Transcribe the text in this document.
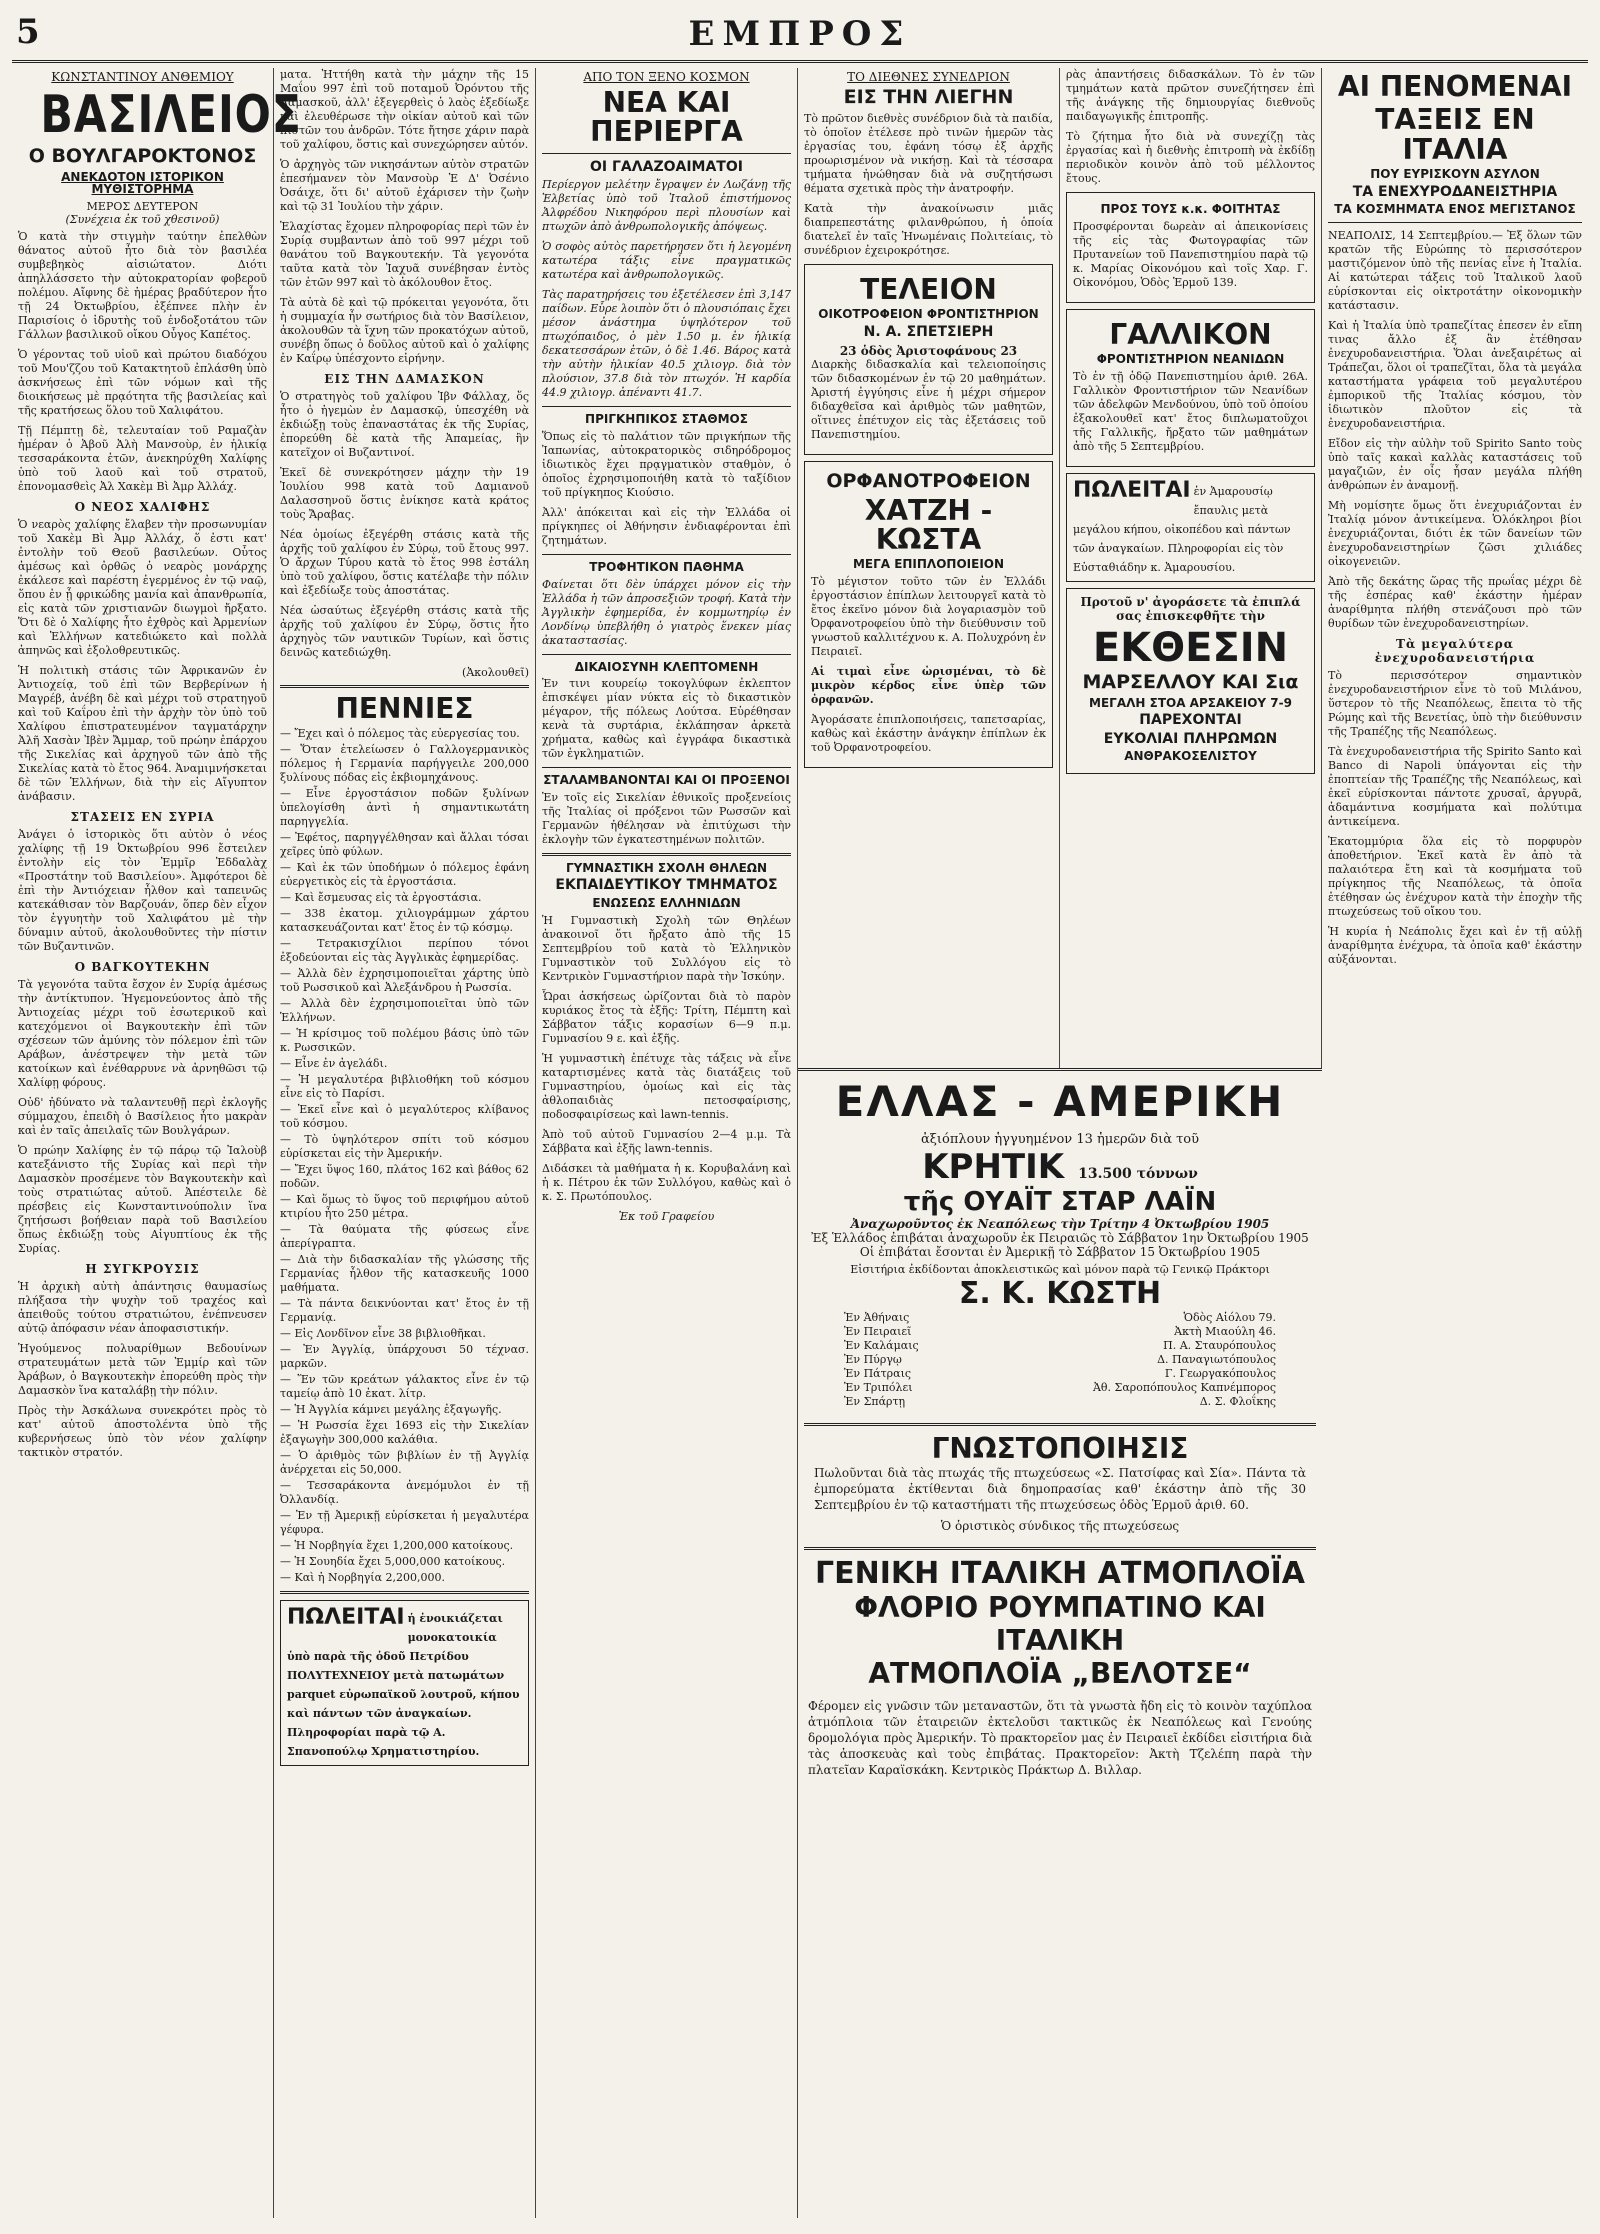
5	ΕΜΠΡΟΣ
ΚΩΝΣΤΑΝΤΙΝΟΥ ΑΝΘΕΜΙΟΥ
ΒΑΣΙΛΕΙΟΣ
Ο ΒΟΥΛΓΑΡΟΚΤΟΝΟΣ
ΑΝΕΚΔΟΤΟΝ ΙΣΤΟΡΙΚΟΝ ΜΥΘΙΣΤΟΡΗΜΑ
ΜΕΡΟΣ ΔΕΥΤΕΡΟΝ
(Συνέχεια ἐκ τοῦ χθεσινοῦ)

Ὁ κατὰ τὴν στιγμὴν ταύτην ἐπελθὼν θάνατος αὐτοῦ ἦτο διὰ τὸν βασιλέα συμβεβηκὸς αἰσιώτατον. Διότι ἀπηλλάσσετο τὴν αὐτοκρατορίαν φοβεροῦ πολέμου. Αἴφνης δὲ ἡμέρας βραδύτερον ἦτο τῇ 24 Ὀκτωβρίου, ἐξέπνεε πλὴν ἐν Παρισίοις ὁ ἱδρυτὴς τοῦ ἐνδοξοτάτου τῶν Γάλλων βασιλικοῦ οἴκου Οὖγος Καπέτος.

Ὁ γέροντας τοῦ υἱοῦ καὶ πρώτου διαδόχου τοῦ Μου'ζζου τοῦ Κατακτητοῦ ἐπλάσθη ὑπὸ ἀσκνήσεως ἐπὶ τῶν νόμων καὶ τῆς διοικήσεως μὲ πρᾳότητα τῆς βασιλείας καὶ τῆς κρατήσεως ὅλου τοῦ Χαλιφάτου.

Τῇ Πέμπτῃ δὲ, τελευταίαν τοῦ Ραμαζὰν ἡμέραν ὁ Ἀβοῦ Ἀλὴ Μανσοὺρ, ἐν ἡλικίᾳ τεσσαράκοντα ἐτῶν, ἀνεκηρύχθη Χαλίφης ὑπὸ τοῦ λαοῦ καὶ τοῦ στρατοῦ, ἐπονομασθεὶς Ἀλ Χακὲμ Βὶ Ἀμρ Ἀλλάχ.

Ο ΝΕΟΣ ΧΑΛΙΦΗΣ

Ὁ νεαρὸς χαλίφης ἔλαβεν τὴν προσωνυμίαν τοῦ Χακὲμ Βὶ Ἀμρ Ἀλλάχ, ὅ ἐστι κατ' ἐντολὴν τοῦ Θεοῦ βασιλεύων. Οὗτος ἀμέσως καὶ ὀρθῶς ὁ νεαρὸς μονάρχης ἐκάλεσε καὶ παρέστη ἐγερμένος ἐν τῷ ναῷ, ὅπου ἐν ᾗ φρικώδης μανία καὶ ἀπανθρωπία, εἰς κατὰ τῶν χριστιανῶν διωγμοὶ ἤρξατο. Ὅτι δὲ ὁ Χαλίφης ἦτο ἐχθρὸς καὶ Ἀρμενίων καὶ Ἑλλήνων κατεδιώκετο καὶ πολλὰ ἀπηνῶς καὶ ἐξολοθρευτικῶς.

Ἡ πολιτικὴ στάσις τῶν Ἀφρικανῶν ἐν Ἀντιοχείᾳ, τοῦ ἐπὶ τῶν Βερβερίνων ἡ Μαγρέβ, ἀνέβη δὲ καὶ μέχρι τοῦ στρατηγοῦ καὶ τοῦ Καΐρου ἐπὶ τὴν ἀρχὴν τὸν ὑπὸ τοῦ Χαλίφου ἐπιστρατευμένον ταγματάρχην Ἀλῆ Χασὰν Ἰβὲν Ἄμμαρ, τοῦ πρώην ἐπάρχου τῆς Σικελίας καὶ ἀρχηγοῦ τῶν ἀπὸ τῆς Σικελίας κατὰ τὸ ἔτος 964. Ἀναμιμνήσκεται δὲ τῶν Ἑλλήνων, διὰ τὴν εἰς Αἴγυπτον ἀνάβασιν.

ΣΤΑΣΕΙΣ ΕΝ ΣΥΡΙΑ

Ἀνάγει ὁ ἱστορικὸς ὅτι αὐτὸν ὁ νέος χαλίφης τῇ 19 Ὀκτωβρίου 996 ἔστειλεν ἐντολὴν εἰς τὸν Ἐμμῖρ Ἐδδαλὰχ «Προστάτην τοῦ Βασιλείου». Ἀμφότεροι δὲ ἐπὶ τὴν Ἀντιόχειαν ἦλθον καὶ ταπεινῶς κατεκάθισαν τὸν Βαρζουάν, ὅπερ δὲν εἶχον τὸν ἐγγυητὴν τοῦ Χαλιφάτου μὲ τὴν δύναμιν αὐτοῦ, ἀκολουθοῦντες τὴν πίστιν τῶν Βυζαντινῶν.

Ο ΒΑΓΚΟΥΤΕΚΗΝ

Τὰ γεγονότα ταῦτα ἔσχον ἐν Συρίᾳ ἀμέσως τὴν ἀντίκτυπον. Ἡγεμονεύοντος ἀπὸ τῆς Ἀντιοχείας μέχρι τοῦ ἐσωτερικοῦ καὶ κατεχόμενοι οἱ Βαγκουτεκὴν ἐπὶ τῶν σχέσεων τῶν ἀμύνης τὸν πόλεμον ἐπὶ τῶν Αράβων, ἀνέστρεψεν τὴν μετὰ τῶν κατοίκων καὶ ἐνέθαρρυνε νὰ ἀρνηθῶσι τῷ Χαλίφῃ φόρους.

Οὐδ' ἠδύνατο νὰ ταλαντευθῇ περὶ ἐκλογῆς σύμμαχου, ἐπειδὴ ὁ Βασίλειος ἦτο μακρὰν καὶ ἐν ταῖς ἀπειλαῖς τῶν Βουλγάρων.

Ὁ πρώην Χαλίφης ἐν τῷ πάρῳ τῷ Ἰαλοὺβ κατεξάνιστο τῆς Συρίας καὶ περὶ τὴν Δαμασκὸν προσέμενε τὸν Βαγκουτεκὴν καὶ τοὺς στρατιώτας αὐτοῦ. Ἀπέστειλε δὲ πρέσβεις εἰς Κωνσταντινούπολιν ἵνα ζητήσωσι βοήθειαν παρὰ τοῦ Βασιλείου ὅπως ἐκδιώξῃ τοὺς Αἰγυπτίους ἐκ τῆς Συρίας.

Η ΣΥΓΚΡΟΥΣΙΣ

Ἡ ἀρχικὴ αὐτὴ ἀπάντησις θαυμασίως πλήξασα τὴν ψυχὴν τοῦ τραχέος καὶ ἀπειθοῦς τούτου στρατιώτου, ἐνέπνευσεν αὐτῷ ἀπόφασιν νέαν ἀποφασιστικήν.

Ἡγούμενος πολυαρίθμων Βεδουίνων στρατευμάτων μετὰ τῶν Ἐμμίρ καὶ τῶν Ἀράβων, ὁ Βαγκουτεκὴν ἐπορεύθη πρὸς τὴν Δαμασκὸν ἵνα καταλάβῃ τὴν πόλιν.

Πρὸς τὴν Ἀσκάλωνα συνεκρότει πρὸς τὸ κατ' αὐτοῦ ἀποστολέντα ὑπὸ τῆς κυβερνήσεως ὑπὸ τὸν νέον χαλίφην τακτικὸν στρατόν.

ματα. Ἠττήθη κατὰ τὴν μάχην τῆς 15 Μαΐου 997 ἐπὶ τοῦ ποταμοῦ Ὀρόντου τῆς Δαμασκοῦ, ἀλλ' ἐξεγερθεὶς ὁ λαὸς ἐξεδίωξε καὶ ἐλευθέρωσε τὴν οἰκίαν αὐτοῦ καὶ τῶν πιστῶν του ἀνδρῶν. Τότε ἤτησε χάριν παρὰ τοῦ χαλίφου, ὅστις καὶ συνεχώρησεν αὐτόν.

Ὁ ἀρχηγὸς τῶν νικησάντων αὐτὸν στρατῶν ἐπεσήμανεν τὸν Μανσοὺρ Ἐ Δ' Ὀσένιο Ὀσάιχε, ὅτι δι' αὐτοῦ ἐχάρισεν τὴν ζωὴν καὶ τῷ 31 Ἰουλίου τὴν χάριν.

Ἐλαχίστας ἔχομεν πληροφορίας περὶ τῶν ἐν Συρίᾳ συμβαντων ἀπὸ τοῦ 997 μέχρι τοῦ θανάτου τοῦ Βαγκουτεκήν. Τὰ γεγονότα ταῦτα κατὰ τὸν Ἰαχυᾶ συνέβησαν ἐντὸς τῶν ἐτῶν 997 καὶ τὸ ἀκόλουθον ἔτος.

Τὰ αὐτὰ δὲ καὶ τῷ πρόκειται γεγονότα, ὅτι ἡ συμμαχία ἦν σωτήριος διὰ τὸν Βασίλειον, ἀκολουθῶν τὰ ἴχνη τῶν προκατόχων αὐτοῦ, συνέβη ὅπως ὁ δοῦλος αὐτοῦ καὶ ὁ χαλίφης ἐν Καΐρῳ ὑπέσχοντο εἰρήνην.

ΕΙΣ ΤΗΝ ΔΑΜΑΣΚΟΝ

Ὁ στρατηγὸς τοῦ χαλίφου Ἰβν Φάλλαχ, ὅς ἦτο ὁ ἡγεμὼν ἐν Δαμασκῷ, ὑπεσχέθη νὰ ἐκδιώξῃ τοὺς ἐπαναστάτας ἐκ τῆς Συρίας, ἐπορεύθη δὲ κατὰ τῆς Ἀπαμείας, ἣν κατεῖχον οἱ Βυζαντινοί.

Ἐκεῖ δὲ συνεκρότησεν μάχην τὴν 19 Ἰουλίου 998 κατὰ τοῦ Δαμιανοῦ Δαλασσηνοῦ ὅστις ἐνίκησε κατὰ κράτος τοὺς Ἄραβας.

Νέα ὁμοίως ἐξεγέρθη στάσις κατὰ τῆς ἀρχῆς τοῦ χαλίφου ἐν Σύρῳ, τοῦ ἔτους 997. Ὁ ἄρχων Τύρου κατὰ τὸ ἔτος 998 ἐστάλη ὑπὸ τοῦ χαλίφου, ὅστις κατέλαβε τὴν πόλιν καὶ ἐξεδίωξε τοὺς ἀποστάτας.

Νέα ὡσαύτως ἐξεγέρθη στάσις κατὰ τῆς ἀρχῆς τοῦ χαλίφου ἐν Σύρῳ, ὅστις ἦτο ἀρχηγὸς τῶν ναυτικῶν Τυρίων, καὶ ὅστις δεινῶς κατεδιώχθη.

(Ἀκολουθεῖ)
ΠΕΝΝΙΕΣ

— Ἔχει καὶ ὁ πόλεμος τὰς εὐεργεσίας του.

— Ὅταν ἐτελείωσεν ὁ Γαλλογερμανικὸς πόλεμος ἡ Γερμανία παρήγγειλε 200,000 ξυλίνους πόδας εἰς ἐκβιομηχάνους.

— Εἶνε ἐργοστάσιον ποδῶν ξυλίνων ὑπελογίσθη ἀντὶ ἡ σημαντικωτάτη παρηγγελία.

— Ἐφέτος, παρηγγέλθησαν καὶ ἄλλαι τόσαι χεῖρες ὑπὸ φύλων.

— Καὶ ἐκ τῶν ὑποδήμων ὁ πόλεμος ἐφάνη εὐεργετικὸς εἰς τὰ ἐργοστάσια.

— Καὶ ἔσμευσας εἰς τὰ ἐργοστάσια.

— 338 ἐκατομ. χιλιογράμμων χάρτου κατασκευάζονται κατ' ἔτος ἐν τῷ κόσμῳ.

— Τετρακισχίλιοι περίπου τόνοι ἐξοδεύονται εἰς τὰς Ἀγγλικὰς ἐφημερίδας.

— Ἀλλὰ δὲν ἐχρησιμοποιεῖται χάρτης ὑπὸ τοῦ Ρωσσικοῦ καὶ Ἀλεξάνδρου ἡ Ρωσσία.

— Ἀλλὰ δὲν ἐχρησιμοποιεῖται ὑπὸ τῶν Ἑλλήνων.

— Ἡ κρίσιμος τοῦ πολέμου βάσις ὑπὸ τῶν κ. Ρωσσικῶν.

— Εἶνε ἐν ἀγελάδι.

— Ἡ μεγαλυτέρα βιβλιοθήκη τοῦ κόσμου εἶνε εἰς τὸ Παρίσι.

— Ἐκεῖ εἶνε καὶ ὁ μεγαλύτερος κλίβανος τοῦ κόσμου.

— Τὸ ὑψηλότερον σπίτι τοῦ κόσμου εὑρίσκεται εἰς τὴν Ἀμερικήν.

— Ἔχει ὕψος 160, πλάτος 162 καὶ βάθος 62 ποδῶν.

— Καὶ ὅμως τὸ ὕψος τοῦ περιφήμου αὐτοῦ κτιρίου ἦτο 250 μέτρα.

— Τὰ θαύματα τῆς φύσεως εἶνε ἀπερίγραπτα.

— Διὰ τὴν διδασκαλίαν τῆς γλώσσης τῆς Γερμανίας ἦλθον τῆς κατασκευῆς 1000 μαθήματα.

— Τὰ πάντα δεικνύονται κατ' ἔτος ἐν τῇ Γερμανίᾳ.

— Εἰς Λονδῖνον εἶνε 38 βιβλιοθῆκαι.

— Ἐν Ἀγγλίᾳ, ὑπάρχουσι 50 τέχνασ. μαρκῶν.

— Ἕν τῶν κρεάτων γάλακτος εἶνε ἐν τῷ ταμείῳ ἀπὸ 10 ἐκατ. λίτρ.

— Ἡ Ἀγγλία κάμνει μεγάλης ἐξαγωγῆς.

— Ἡ Ρωσσία ἔχει 1693 εἰς τὴν Σικελίαν ἐξαγωγὴν 300,000 καλάθια.

— Ὁ ἀριθμὸς τῶν βιβλίων ἐν τῇ Ἀγγλίᾳ ἀνέρχεται εἰς 50,000.

— Τεσσαράκοντα ἀνεμόμυλοι ἐν τῇ Ὀλλανδίᾳ.

— Ἐν τῇ Ἀμερικῇ εὑρίσκεται ἡ μεγαλυτέρα γέφυρα.

— Ἡ Νορβηγία ἔχει 1,200,000 κατοίκους.

— Ἡ Σουηδία ἔχει 5,000,000 κατοίκους.

— Καὶ ἡ Νορβηγία 2,200,000.

ΠΩΛΕΙΤΑΙ ἡ ἐνοικιάζεται μονοκατοικία ὑπὸ παρὰ τῆς ὁδοῦ Πετρίδου ΠΟΛΥΤΕΧΝΕΙΟΥ μετὰ πατωμάτων parquet εὐρωπαϊκοῦ λουτροῦ, κήπου καὶ πάντων τῶν ἀναγκαίων. Πληροφορίαι παρὰ τῷ Α. Σπανοπούλῳ Χρηματιστηρίου.
ΑΠΟ ΤΟΝ ΞΕΝΟ ΚΟΣΜΟΝ
ΝΕΑ ΚΑΙ ΠΕΡΙΕΡΓΑ
ΟΙ ΓΑΛΑΖΟΑΙΜΑΤΟΙ

Περίεργον μελέτην ἔγραψεν ἐν Λωζάνῃ τῆς Ἑλβετίας ὑπὸ τοῦ Ἰταλοῦ ἐπιστήμονος Ἀλφρέδου Νικηφόρου περὶ πλουσίων καὶ πτωχῶν ἀπὸ ἀνθρωπολογικῆς ἀπόψεως.

Ὁ σοφὸς αὐτὸς παρετήρησεν ὅτι ἡ λεγομένη κατωτέρα τάξις εἶνε πραγματικῶς κατωτέρα καὶ ἀνθρωπολογικῶς.

Τὰς παρατηρήσεις του ἐξετέλεσεν ἐπὶ 3,147 παίδων. Εὗρε λοιπὸν ὅτι ὁ πλουσιόπαις ἔχει μέσον ἀνάστημα ὑψηλότερον τοῦ πτωχόπαιδος, ὁ μὲν 1.50 μ. ἐν ἡλικίᾳ δεκατεσσάρων ἐτῶν, ὁ δὲ 1.46. Βάρος κατὰ τὴν αὐτὴν ἡλικίαν 40.5 χιλιογρ. διὰ τὸν πλούσιον, 37.8 διὰ τὸν πτωχόν. Ἡ καρδία 44.9 χιλιογρ. ἀπέναντι 41.7.

ΠΡΙΓΚΗΠΙΚΟΣ ΣΤΑΘΜΟΣ

Ὅπως εἰς τὸ παλάτιον τῶν πριγκήπων τῆς Ἰαπωνίας, αὐτοκρατορικὸς σιδηρόδρομος ἰδιωτικὸς ἔχει πρᾳγματικὸν σταθμὸν, ὁ ὁποῖος ἐχρησιμοποιήθη κατὰ τὸ ταξίδιον τοῦ πρίγκηπος Κιούσιο.

Ἀλλ' ἀπόκειται καὶ εἰς τὴν Ἑλλάδα οἱ πρίγκηπες οἱ Ἀθήνησιν ἐνδιαφέρονται ἐπὶ ζητημάτων.

ΤΡΟΦΗΤΙΚΟΝ ΠΑΘΗΜΑ

Φαίνεται ὅτι δὲν ὑπάρχει μόνον εἰς τὴν Ἑλλάδα ἡ τῶν ἀπροσεξιῶν τροφή. Κατὰ τὴν Ἀγγλικὴν ἐφημερίδα, ἐν κομμωτηρίῳ ἐν Λονδίνῳ ὑπεβλήθη ὁ γιατρὸς ἕνεκεν μίας ἀκαταστασίας.

ΔΙΚΑΙΟΣΥΝΗ ΚΛΕΠΤΟΜΕΝΗ

Ἐν τινι κουρείῳ τοκογλύφων ἐκλεπτον ἐπισκέψει μίαν νύκτα εἰς τὸ δικαστικὸν μέγαρον, τῆς πόλεως Λούτσα. Εὑρέθησαν κενὰ τὰ συρτάρια, ἐκλάπησαν ἀρκετὰ χρήματα, καθὼς καὶ ἐγγράφα δικαστικὰ τῶν ἐγκληματιῶν.

ΣΤΑΛΑΜΒΑΝΟΝΤΑΙ ΚΑΙ ΟΙ ΠΡΟΞΕΝΟΙ

Ἐν τοῖς εἰς Σικελίαν ἐθνικοῖς προξενείοις τῆς Ἰταλίας οἱ πρόξενοι τῶν Ρωσσῶν καὶ Γερμανῶν ἠθέλησαν νὰ ἐπιτύχωσι τὴν ἐκλογὴν τῶν ἐγκατεστημένων πολιτῶν.

ΓΥΜΝΑΣΤΙΚΗ ΣΧΟΛΗ ΘΗΛΕΩΝ
ΕΚΠΑΙΔΕΥΤΙΚΟΥ ΤΜΗΜΑΤΟΣ
ΕΝΩΣΕΩΣ ΕΛΛΗΝΙΔΩΝ

Ἡ Γυμναστικὴ Σχολὴ τῶν Θηλέων ἀνακοινοῖ ὅτι ἤρξατο ἀπὸ τῆς 15 Σεπτεμβρίου τοῦ κατὰ τὸ Ἑλληνικὸν Γυμναστικὸν τοῦ Συλλόγου εἰς τὸ Κεντρικὸν Γυμναστήριον παρὰ τὴν Ἰσκύην.

Ὧραι ἀσκήσεως ὡρίζονται διὰ τὸ παρὸν κυριάκος ἔτος τὰ ἑξῆς: Τρίτη, Πέμπτη καὶ Σάββατον τάξις κορασίων 6—9 π.μ. Γυμνασίου 9 ε. καὶ ἑξῆς.

Ἡ γυμναστικὴ ἐπέτυχε τὰς τάξεις νὰ εἶνε καταρτισμένες κατὰ τὰς διατάξεις τοῦ Γυμναστηρίου, ὁμοίως καὶ εἰς τὰς ἀθλοπαιδιὰς πετοσφαίρισης, ποδοσφαιρίσεως καὶ lawn-tennis.

Ἀπὸ τοῦ αὐτοῦ Γυμνασίου 2—4 μ.μ. Τὰ Σάββατα καὶ ἑξῆς lawn-tennis.

Διδάσκει τὰ μαθήματα ἡ κ. Κορυβαλάνη καὶ ἡ κ. Πέτρου ἐκ τῶν Συλλόγου, καθὼς καὶ ὁ κ. Σ. Πρωτόπουλος.

Ἐκ τοῦ Γραφείου
ΤΟ ΔΙΕΘΝΕΣ ΣΥΝΕΔΡΙΟΝ
ΕΙΣ ΤΗΝ ΛΙΕΓΗΝ

Τὸ πρῶτον διεθνὲς συνέδριον διὰ τὰ παιδία, τὸ ὁποῖον ἐτέλεσε πρὸ τινῶν ἡμερῶν τὰς ἐργασίας του, ἐφάνη τόσῳ ἐξ ἀρχῆς προωρισμένον νὰ νικήσῃ. Καὶ τὰ τέσσαρα τμήματα ἠνώθησαν διὰ νὰ συζητήσωσι θέματα σχετικὰ πρὸς τὴν ἀνατροφήν.

Κατὰ τὴν ἀνακοίνωσιν μιᾶς διαπρεπεστάτης φιλανθρώπου, ἡ ὁποία διατελεῖ ἐν ταῖς Ἠνωμέναις Πολιτείαις, τὸ συνέδριον ἐχειροκρότησε.

ΤΕΛΕΙΟΝ
ΟΙΚΟΤΡΟΦΕΙΟΝ ΦΡΟΝΤΙΣΤΗΡΙΟΝ
Ν. Α. ΣΠΕΤΣΙΕΡΗ
23 ὁδὸς Ἀριστοφάνους 23

Διαρκὴς διδασκαλία καὶ τελειοποίησις τῶν διδασκομένων ἐν τῷ 20 μαθημάτων. Ἀριστή ἐγγύησις εἶνε ἡ μέχρι σήμερον διδαχθεῖσα καὶ ἀριθμὸς τῶν μαθητῶν, οἵτινες ἐπέτυχον εἰς τὰς ἐξετάσεις τοῦ Πανεπιστημίου.

ΟΡΦΑΝΟΤΡΟΦΕΙΟΝ
ΧΑΤΖΗ - ΚΩΣΤΑ
ΜΕΓΑ ΕΠΙΠΛΟΠΟΙΕΙΟΝ

Τὸ μέγιστον τοῦτο τῶν ἐν Ἑλλάδι ἐργοστάσιον ἐπίπλων λειτουργεῖ κατὰ τὸ ἔτος ἐκεῖνο μόνον διὰ λογαριασμὸν τοῦ Ὀρφανοτροφείου ὑπὸ τὴν διεύθυνσιν τοῦ γνωστοῦ καλλιτέχνου κ. Α. Πολυχρόνη ἐν Πειραιεῖ.

Αἱ τιμαὶ εἶνε ὡρισμέναι, τὸ δὲ μικρὸν κέρδος εἶνε ὑπὲρ τῶν ὀρφανῶν.

Ἀγοράσατε ἐπιπλοποιήσεις, ταπετσαρίας, καθὼς καὶ ἐκάστην ἀνάγκην ἐπίπλων ἐκ τοῦ Ὀρφανοτροφείου.

ρὰς ἀπαντήσεις διδασκάλων. Τὸ ἐν τῶν τμημάτων κατὰ πρῶτον συνεζήτησεν ἐπὶ τῆς ἀνάγκης τῆς δημιουργίας διεθνοῦς παιδαγωγικῆς ἐπιτροπῆς.

Τὸ ζήτημα ἦτο διὰ νὰ συνεχίζῃ τὰς ἐργασίας καὶ ἡ διεθνὴς ἐπιτροπὴ νὰ ἐκδίδῃ περιοδικὸν κοινὸν ἀπὸ τοῦ μέλλοντος ἔτους.

ΠΡΟΣ ΤΟΥΣ κ.κ. ΦΟΙΤΗΤΑΣ

Προσφέρονται δωρεὰν αἱ ἀπεικονίσεις τῆς εἰς τὰς Φωτογραφίας τῶν Πρυτανείων τοῦ Πανεπιστημίου παρὰ τῷ κ. Μαρίας Οἰκονόμου καὶ τοῖς Χαρ. Γ. Οἰκονόμου, Ὁδὸς Ἑρμοῦ 139.

ΓΑΛΛΙΚΟΝ
ΦΡΟΝΤΙΣΤΗΡΙΟΝ ΝΕΑΝΙΔΩΝ

Τὸ ἐν τῇ ὁδῷ Πανεπιστημίου ἀριθ. 26Α. Γαλλικὸν Φροντιστήριον τῶν Νεανίδων τῶν ἀδελφῶν Μενδούνου, ὑπὸ τοῦ ὁποίου ἐξακολουθεῖ κατ' ἔτος διπλωματοῦχοι τῆς Γαλλικῆς, ἤρξατο τῶν μαθημάτων ἀπὸ τῆς 5 Σεπτεμβρίου.

ΠΩΛΕΙΤΑΙ ἐν Ἀμαρουσίῳ ἔπαυλις μετὰ μεγάλου κήπου, οἰκοπέδου καὶ πάντων τῶν ἀναγκαίων. Πληροφορίαι εἰς τὸν Εὐσταθιάδην κ. Ἀμαρουσίου.
Προτοῦ ν' ἀγοράσετε τὰ ἐπιπλά σας ἐπισκεφθῆτε τὴν
ΕΚΘΕΣΙΝ
ΜΑΡΣΕΛΛΟΥ ΚΑΙ Σια
ΜΕΓΑΛΗ ΣΤΟΑ ΑΡΣΑΚΕΙΟΥ 7-9
ΠΑΡΕΧΟΝΤΑΙ
ΕΥΚΟΛΙΑΙ ΠΛΗΡΩΜΩΝ
ΑΝΘΡΑΚΟΣΕΛΙΣΤΟΥ
ΕΛΛΑΣ - ΑΜΕΡΙΚΗ
ἀξιόπλουν ἡγγυημένον 13 ἡμερῶν διὰ τοῦ
ΚΡΗΤΙΚ 13.500 τόννων
τῆς ΟΥΑΪΤ ΣΤΑΡ ΛΑΪΝ
Ἀναχωροῦντος ἐκ Νεαπόλεως τὴν Τρίτην 4 Ὀκτωβρίου 1905
Ἐξ Ἑλλάδος ἐπιβάται ἀναχωροῦν ἐκ Πειραιῶς τὸ Σάββατον 1ην Ὀκτωβρίου 1905
Οἱ ἐπιβάται ἔσονται ἐν Ἀμερικῇ τὸ Σάββατον 15 Ὀκτωβρίου 1905
Εἰσιτήρια ἐκδίδονται ἀποκλειστικῶς καὶ μόνον παρὰ τῷ Γενικῷ Πράκτορι
Σ. Κ. ΚΩΣΤΗ
Ἐν Ἀθήναις	Ὁδὸς Αἰόλου 79.
Ἐν Πειραιεῖ	Ἀκτὴ Μιαούλη 46.
Ἐν Καλάμαις	Π. Α. Σταυρόπουλος
Ἐν Πύργῳ	Δ. Παναγιωτόπουλος
Ἐν Πάτραις	Γ. Γεωργακόπουλος
Ἐν Τριπόλει	Ἀθ. Σαροπόπουλος Καπνέμπορος
Ἐν Σπάρτῃ	Δ. Σ. Φλοΐκης
ΓΝΩΣΤΟΠΟΙΗΣΙΣ

Πωλοῦνται διὰ τὰς πτωχάς τῆς πτωχεύσεως «Σ. Πατσίφας καὶ Σία». Πάντα τὰ ἐμπορεύματα ἐκτίθενται διὰ δημοπρασίας καθ' ἑκάστην ἀπὸ τῆς 30 Σεπτεμβρίου ἐν τῷ καταστήματι τῆς πτωχεύσεως ὁδὸς Ἑρμοῦ ἀριθ. 60.

Ὁ ὁριστικὸς σύνδικος τῆς πτωχεύσεως
ΓΕΝΙΚΗ ΙΤΑΛΙΚΗ ΑΤΜΟΠΛΟΪΑ
ΦΛΟΡΙΟ ΡΟΥΜΠΑΤΙΝΟ ΚΑΙ ΙΤΑΛΙΚΗ
ΑΤΜΟΠΛΟΪΑ „ΒΕΛΟΤΣΕ“

Φέρομεν εἰς γνῶσιν τῶν μεταναστῶν, ὅτι τὰ γνωστὰ ἤδη εἰς τὸ κοινὸν ταχύπλοα ἀτμόπλοια τῶν ἑταιρειῶν ἐκτελοῦσι τακτικῶς ἐκ Νεαπόλεως καὶ Γενούης δρομολόγια πρὸς Ἀμερικήν. Τὸ πρακτορεῖον μας ἐν Πειραιεῖ ἐκδίδει εἰσιτήρια διὰ τὰς ἀποσκευὰς καὶ τοὺς ἐπιβάτας. Πρακτορεῖον: Ἀκτὴ Τζελέπη παρὰ τὴν πλατεῖαν Καραϊσκάκη. Κεντρικὸς Πράκτωρ Δ. Βιλλαρ.

ΑΙ ΠΕΝΟΜΕΝΑΙ
ΤΑΞΕΙΣ ΕΝ ΙΤΑΛΙΑ
ΠΟΥ ΕΥΡΙΣΚΟΥΝ ΑΣΥΛΟΝ
ΤΑ ΕΝΕΧΥΡΟΔΑΝΕΙΣΤΗΡΙΑ
ΤΑ ΚΟΣΜΗΜΑΤΑ ΕΝΟΣ ΜΕΓΙΣΤΑΝΟΣ

ΝΕΑΠΟΛΙΣ, 14 Σεπτεμβρίου.— Ἐξ ὅλων τῶν κρατῶν τῆς Εὐρώπης τὸ περισσότερον μαστιζόμενον ὑπὸ τῆς πενίας εἶνε ἡ Ἰταλία. Αἱ κατώτεραι τάξεις τοῦ Ἰταλικοῦ λαοῦ εὑρίσκονται εἰς οἰκτροτάτην οἰκονομικὴν κατάστασιν.

Καὶ ἡ Ἰταλία ὑπὸ τραπεζίτας ἐπεσεν ἐν εἴπη τινας ἄλλο ἐξ ἂν ἐτέθησαν ἐνεχυροδανειστήρια. Ὅλαι ἀνεξαιρέτως αἱ Τράπεζαι, ὅλοι οἱ τραπεζῖται, ὅλα τὰ μεγάλα καταστήματα γράφεια τοῦ μεγαλυτέρου ἐμπορικοῦ τῆς Ἰταλίας κόσμου, τὸν ἰδιωτικὸν πλοῦτον εἰς τὰ ἐνεχυροδανειστήρια.

Εἴδον εἰς τὴν αὐλὴν τοῦ Spirito Santo τοὺς ὑπὸ ταῖς κακαὶ καλλὰς καταστάσεις τοῦ μαγαζιῶν, ἐν οἷς ἦσαν μεγάλα πλήθη ἀνθρώπων ἐν ἀναμονῇ.

Μὴ νομίσητε ὅμως ὅτι ἐνεχυριάζονται ἐν Ἰταλίᾳ μόνον ἀντικείμενα. Ὁλόκληροι βίοι ἐνεχυριάζονται, διότι ἐκ τῶν δανείων τῶν ἐνεχυροδανειστηρίων ζῶσι χιλιάδες οἰκογενειῶν.

Ἀπὸ τῆς δεκάτης ὥρας τῆς πρωΐας μέχρι δὲ τῆς ἑσπέρας καθ' ἑκάστην ἡμέραν ἀναρίθμητα πλήθη στενάζουσι πρὸ τῶν θυρίδων τῶν ἐνεχυροδανειστηρίων.

Τὰ μεγαλύτερα ἐνεχυροδανειστήρια

Τὸ περισσότερον σημαντικὸν ἐνεχυροδανειστήριον εἶνε τὸ τοῦ Μιλάνου, ὕστερον τὸ τῆς Νεαπόλεως, ἔπειτα τὸ τῆς Ρώμης καὶ τῆς Βενετίας, ὑπὸ τὴν διεύθυνσιν τῆς Τραπέζης τῆς Νεαπόλεως.

Τὰ ἐνεχυροδανειστήρια τῆς Spirito Santo καὶ Banco di Napoli ὑπάγονται εἰς τὴν ἐποπτείαν τῆς Τραπέζης τῆς Νεαπόλεως, καὶ ἐκεῖ εὑρίσκονται πάντοτε χρυσαῖ, ἀργυρᾶ, ἀδαμάντινα κοσμήματα καὶ πολύτιμα ἀντικείμενα.

Ἐκατομμύρια ὅλα εἰς τὸ πορφυρὸν ἀποθετήριον. Ἐκεῖ κατὰ ἓν ἀπὸ τὰ παλαιότερα ἔτη καὶ τὰ κοσμήματα τοῦ πρίγκηπος τῆς Νεαπόλεως, τὰ ὁποῖα ἐτέθησαν ὡς ἐνέχυρον κατὰ τὴν ἐποχὴν τῆς πτωχεύσεως τοῦ οἴκου του.

Ἡ κυρία ἡ Νεάπολις ἔχει καὶ ἐν τῇ αὐλῇ ἀναρίθμητα ἐνέχυρα, τὰ ὁποῖα καθ' ἑκάστην αὐξάνονται.
